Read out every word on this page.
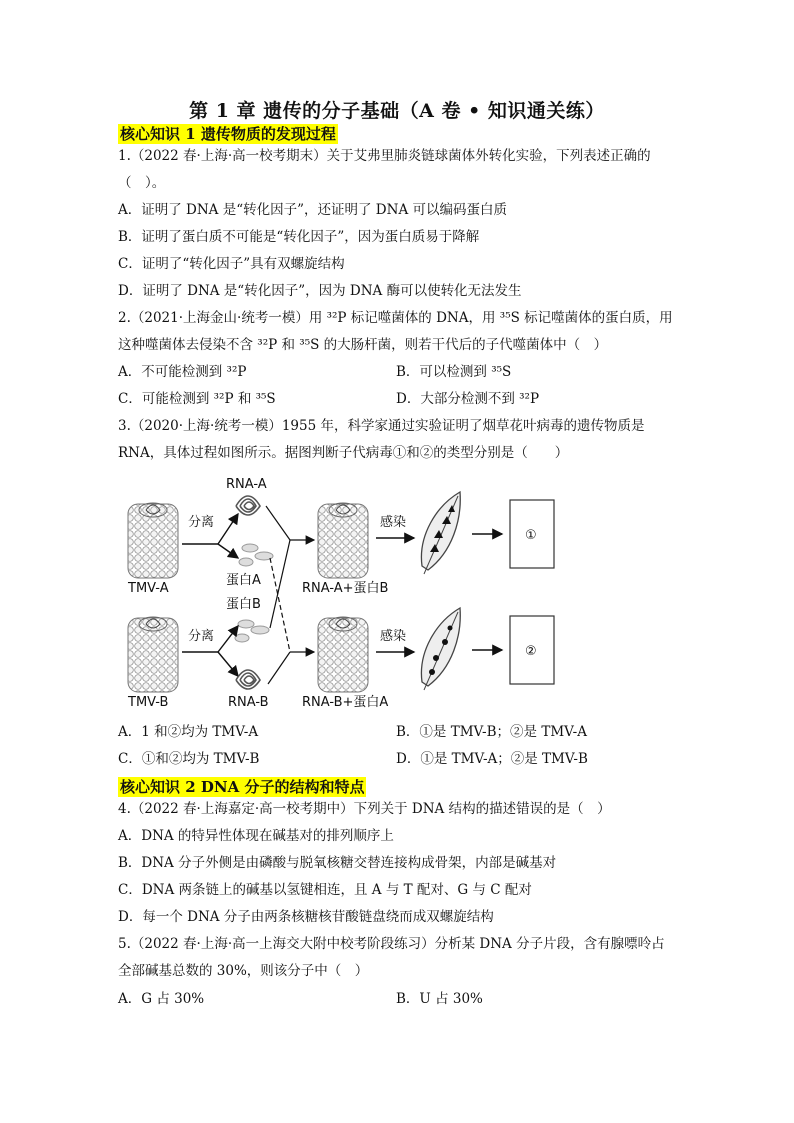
第 1 章 遗传的分子基础（A 卷 • 知识通关练）
核心知识 1 遗传物质的发现过程
1.（2022 春·上海·高一校考期末）关于艾弗里肺炎链球菌体外转化实验，下列表述正确的
（　）。
A．证明了 DNA 是“转化因子”，还证明了 DNA 可以编码蛋白质
B．证明了蛋白质不可能是“转化因子”，因为蛋白质易于降解
C．证明了“转化因子”具有双螺旋结构
D．证明了 DNA 是“转化因子”，因为 DNA 酶可以使转化无法发生
2.（2021·上海金山·统考一模）用 ³²P 标记噬菌体的 DNA，用 ³⁵S 标记噬菌体的蛋白质，用
这种噬菌体去侵染不含 ³²P 和 ³⁵S 的大肠杆菌，则若干代后的子代噬菌体中（　）
A．不可能检测到 ³²P	B．可以检测到 ³⁵S
C．可能检测到 ³²P 和 ³⁵S	D．大部分检测不到 ³²P
3.（2020·上海·统考一模）1955 年，科学家通过实验证明了烟草花叶病毒的遗传物质是
RNA，具体过程如图所示。据图判断子代病毒①和②的类型分别是（　　）
TMV-A
分离
RNA-A
蛋白A
蛋白B
RNA-A+蛋白B
感染
①
TMV-B
分离
RNA-B	RNA-B+蛋白A
感染
②
A．1 和②均为 TMV-A	B．①是 TMV-B；②是 TMV-A
C．①和②均为 TMV-B	D．①是 TMV-A；②是 TMV-B
核心知识 2 DNA 分子的结构和特点
4.（2022 春·上海嘉定·高一校考期中）下列关于 DNA 结构的描述错误的是（　）
A．DNA 的特异性体现在碱基对的排列顺序上
B．DNA 分子外侧是由磷酸与脱氧核糖交替连接构成骨架，内部是碱基对
C．DNA 两条链上的碱基以氢键相连，且 A 与 T 配对、G 与 C 配对
D．每一个 DNA 分子由两条核糖核苷酸链盘绕而成双螺旋结构
5.（2022 春·上海·高一上海交大附中校考阶段练习）分析某 DNA 分子片段，含有腺嘌呤占
全部碱基总数的 30%，则该分子中（　）
A．G 占 30%	B．U 占 30%
